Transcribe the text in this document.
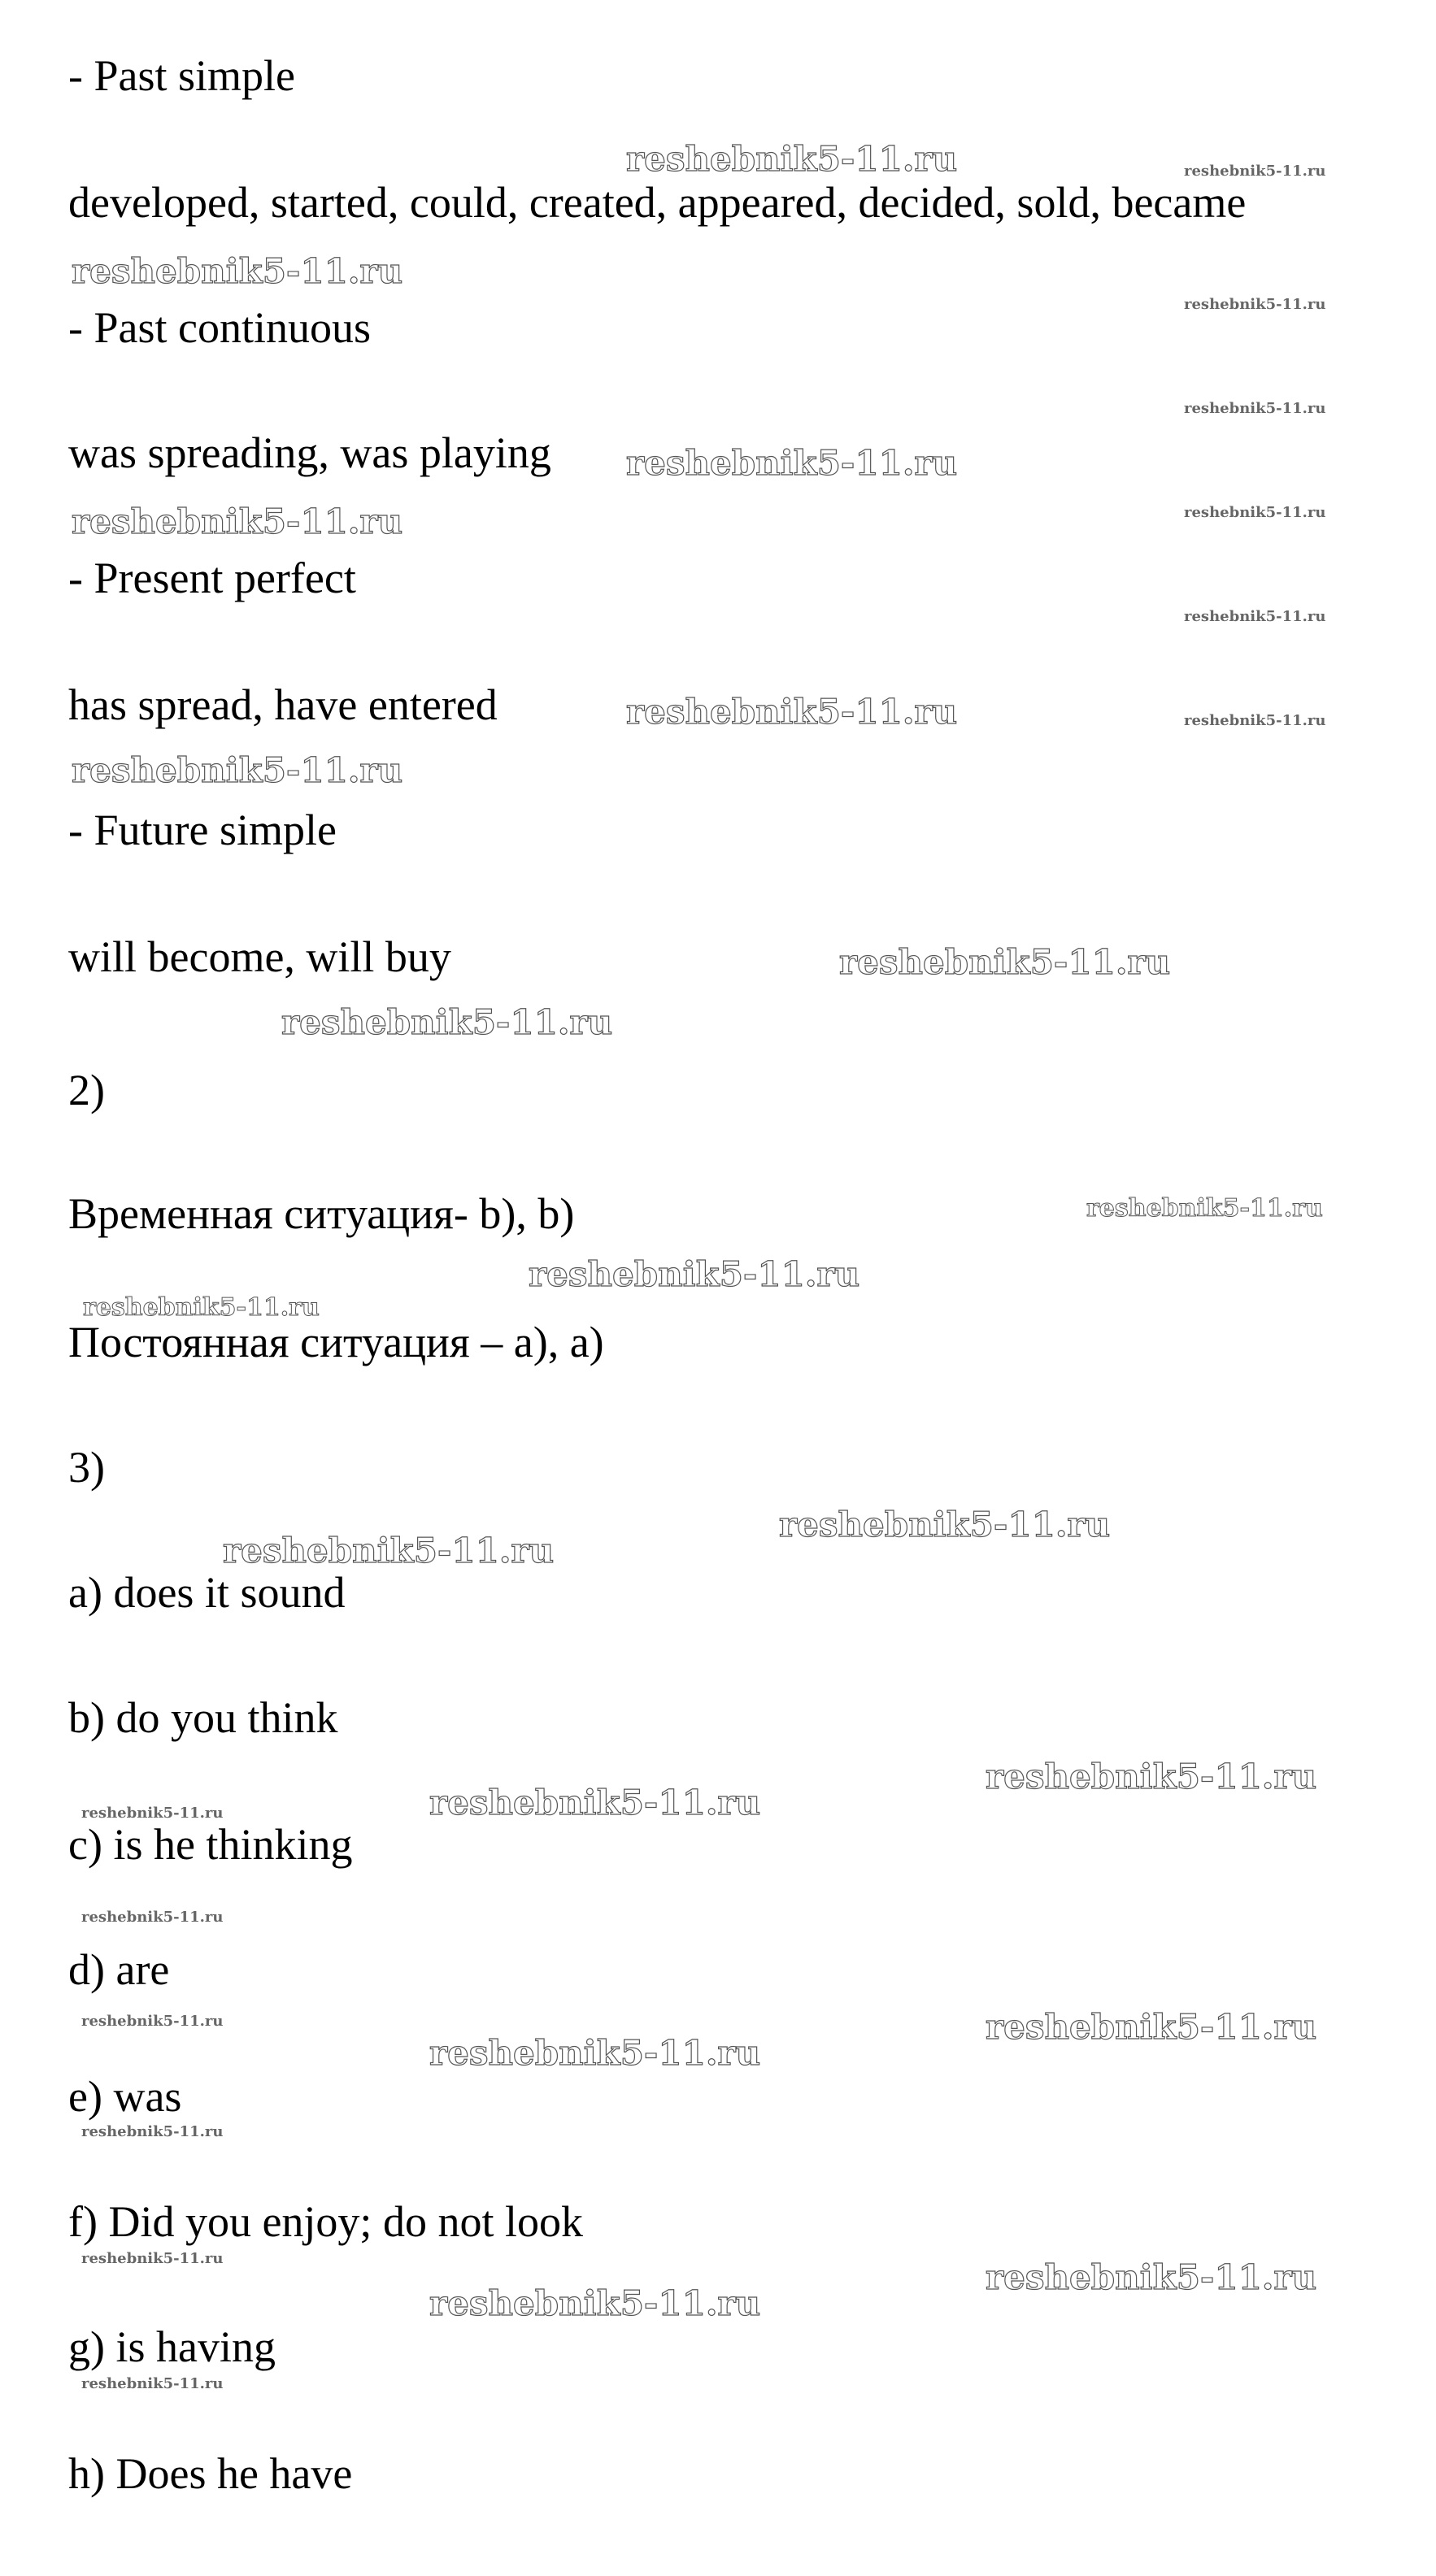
- Past simple
developed, started, could, created, appeared, decided, sold, became
- Past continuous
was spreading, was playing
- Present perfect
has spread, have entered
- Future simple
will become, will buy
2)
Временная ситуация- b), b)
Постоянная ситуация – a), a)
3)
a) does it sound
b) do you think
c) is he thinking
d) are
e) was
f) Did you enjoy; do not look
g) is having
h) Does he have
reshebnik5-11.ru	reshebnik5-11.ru
reshebnik5-11.ru
reshebnik5-11.ru
reshebnik5-11.ru
reshebnik5-11.ru
reshebnik5-11.ru	reshebnik5-11.ru
reshebnik5-11.ru
reshebnik5-11.ru	reshebnik5-11.ru
reshebnik5-11.ru
reshebnik5-11.ru
reshebnik5-11.ru
reshebnik5-11.ru
reshebnik5-11.ru
reshebnik5-11.ru
reshebnik5-11.ru
reshebnik5-11.ru
reshebnik5-11.ru
reshebnik5-11.ru
reshebnik5-11.ru
reshebnik5-11.ru
reshebnik5-11.ru
reshebnik5-11.ru
reshebnik5-11.ru
reshebnik5-11.ru
reshebnik5-11.ru	reshebnik5-11.ru
reshebnik5-11.ru
reshebnik5-11.ru
